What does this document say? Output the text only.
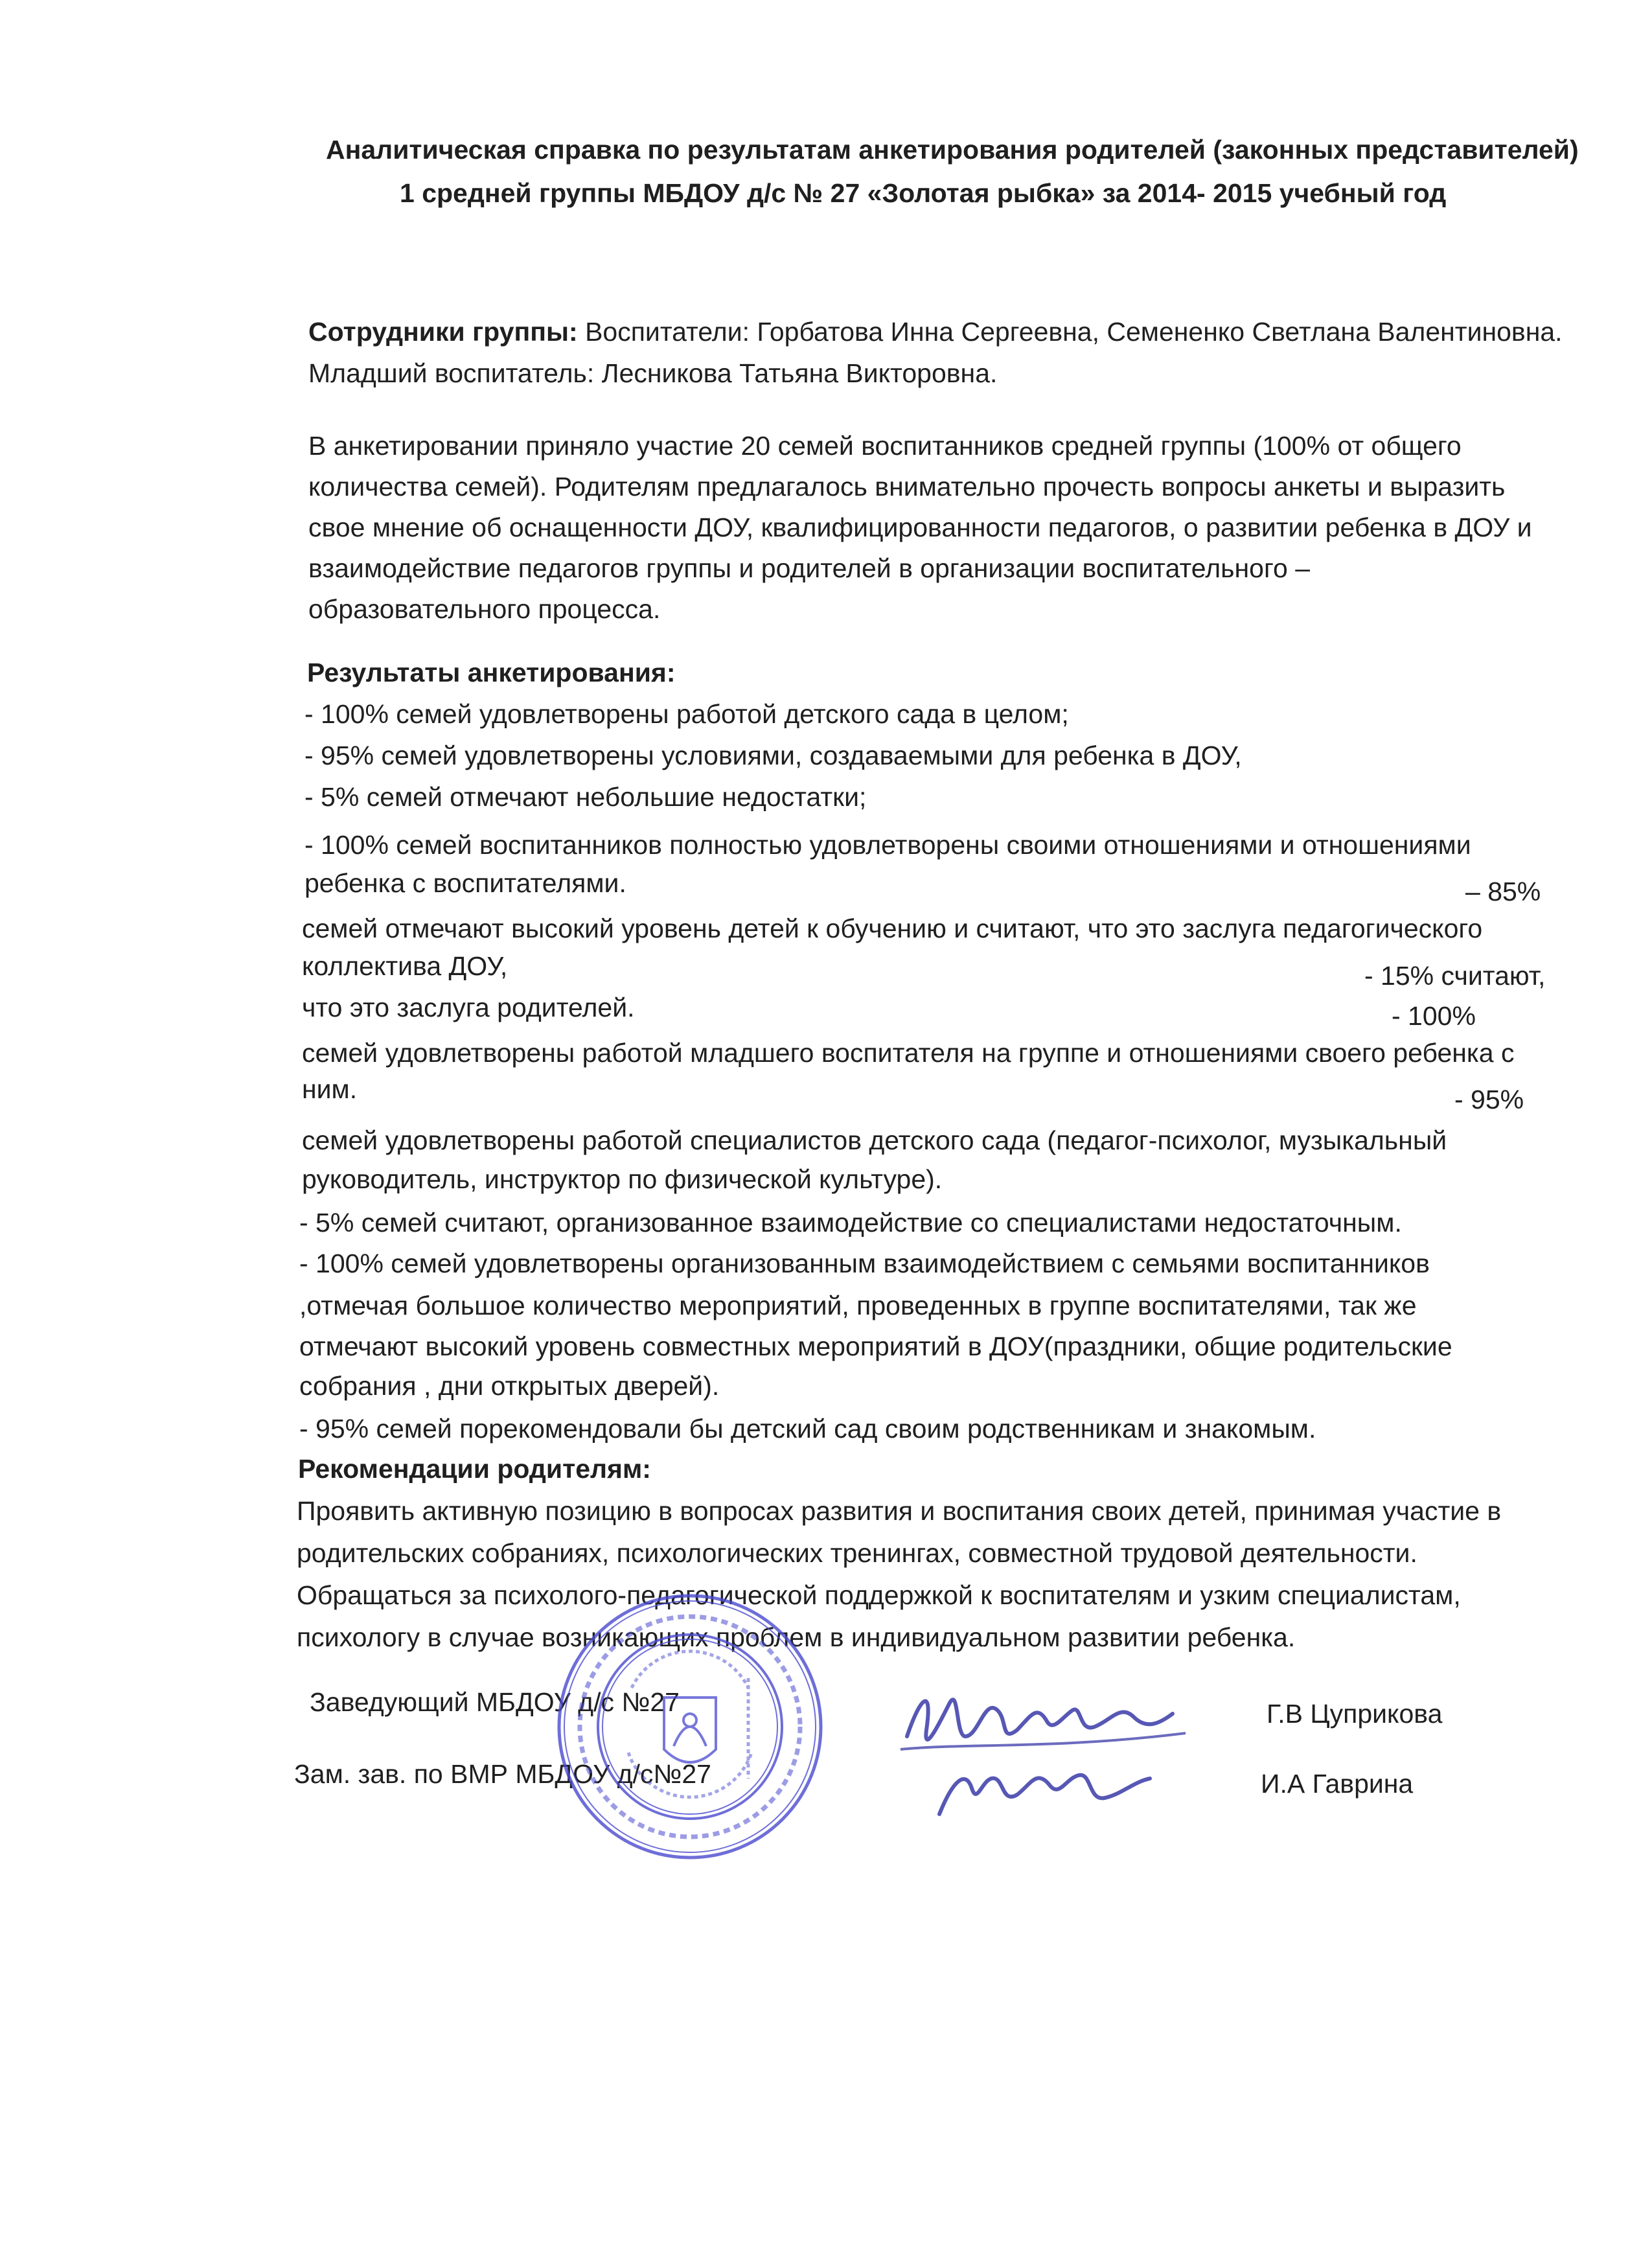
Аналитическая справка по результатам анкетирования родителей (законных представителей)
1 средней группы МБДОУ д/с № 27 «Золотая рыбка» за 2014- 2015 учебный год
Сотрудники группы: Воспитатели: Горбатова Инна Сергеевна, Семененко Светлана Валентиновна.
Младший воспитатель: Лесникова Татьяна Викторовна.
В анкетировании приняло участие 20 семей воспитанников средней группы (100% от общего
количества семей). Родителям предлагалось внимательно прочесть вопросы анкеты и выразить
свое мнение об оснащенности ДОУ, квалифицированности педагогов, о развитии ребенка в ДОУ и
взаимодействие педагогов группы и родителей в организации воспитательного –
образовательного процесса.
Результаты анкетирования:
- 100% семей удовлетворены работой детского сада в целом;
- 95% семей удовлетворены условиями, создаваемыми для ребенка в ДОУ,
- 5% семей отмечают небольшие недостатки;
- 100% семей воспитанников полностью удовлетворены своими отношениями и отношениями
ребенка с воспитателями.	– 85%
семей отмечают высокий уровень детей к обучению и считают, что это заслуга педагогического
коллектива ДОУ,	- 15% считают,
что это заслуга родителей.	- 100%
семей удовлетворены работой младшего воспитателя на группе и отношениями своего ребенка с
ним.	- 95%
семей удовлетворены работой специалистов детского сада (педагог-психолог, музыкальный
руководитель, инструктор по физической культуре).
- 5% семей считают, организованное взаимодействие со специалистами недостаточным.
- 100% семей удовлетворены организованным взаимодействием с семьями воспитанников
,отмечая большое количество мероприятий, проведенных в группе воспитателями, так же
отмечают высокий уровень совместных мероприятий в ДОУ(праздники, общие родительские
собрания , дни открытых дверей).
- 95% семей порекомендовали бы детский сад своим родственникам и знакомым.
Рекомендации родителям:
Проявить активную позицию в вопросах развития и воспитания своих детей, принимая участие в
родительских собраниях, психологических тренингах, совместной трудовой деятельности.
Обращаться за психолого-педагогической поддержкой к воспитателям и узким специалистам,
психологу в случае возникающих проблем в индивидуальном развитии ребенка.
Заведующий МБДОУ д/с №27	Г.В Цуприкова
Зам. зав. по ВМР МБДОУ д/с№27	И.А Гаврина
